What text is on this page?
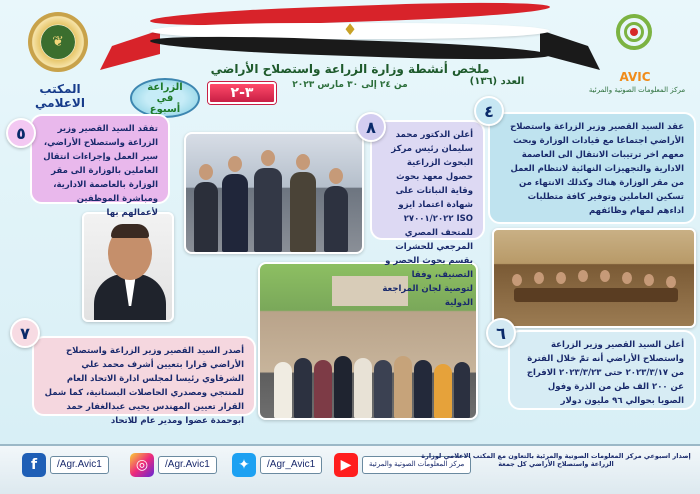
♦
ملخص أنشطة وزارة الزراعة واستصلاح الأراضي
من ٢٤ إلى ٣٠ مارس ٢٠٢٣	العدد (١٣٦)
❦
المكتب الاعلامي
AVIC
مركز المعلومات الصوتية والمرئية
الزراعة
في
أسبوع
٣-٢

تفقد السيد القصير وزير الزراعة واستصلاح الأراضي، سير العمل وإجراءات انتقال العاملين بالوزارة الى مقر الوزارة بالعاصمة الادارية، ومباشرة الموظفين لأعمالهم بها

٥	أعلن الدكتور محمد سليمان رئيس مركز البحوث الزراعية حصول معهد بحوث وقاية النباتات على شهادة اعتماد ايزو ISO ٢٧٠٠١/٢٠٢٢ للمتحف المصري المرجعي للحشرات بقسم بحوث الحصر و التصنيف، وفقا لتوصية لجان المراجعة الدولية

٨	عقد السيد القصير وزير الزراعة واستصلاح الأراضي اجتماعا مع قيادات الوزارة وبحث معهم اخر ترتيبات الانتقال الى العاصمة الادارية والتجهيزات النهائية لانتظام العمل من مقر الوزارة هناك وكذلك الانتهاء من تسكين العاملين وتوفير كافة متطلبات اداءهم لمهام وظائفهم

٤

أصدر السيد القصير وزير الزراعة واستصلاح الأراضي قرارا بتعيين أشرف محمد علي الشرقاوي رئيسا لمجلس ادارة الاتحاد العام للمنتجي ومصدري الحاصلات البستانية، كما شمل القرار تعيين المهندس يحيى عبدالغفار حمد ابوحمدة عضوا ومدير عام للاتحاد

٧

أعلن السيد القصير وزير الزراعة واستصلاح الأراضي أنه تمّ خلال الفترة من ٢٠٢٣/٣/١٧ حتى ٢٠٢٣/٣/٢٣ الافراج عن ٢٠٠ الف طن من الذرة وفول الصويا بحوالي ٩٦ مليون دولار

٦
f	/Agr.Avic1	◎	/Agr.Avic1	✦	/Agr_Avic1	▶	مركز المعلومات الصوتية والمرئية
إصدار اسبوعي مركز المعلومات الصوتية والمرئية بالتعاون مع المكتب الاعلامي لوزارة الزراعة واستصلاح الأراضي كل جمعة
